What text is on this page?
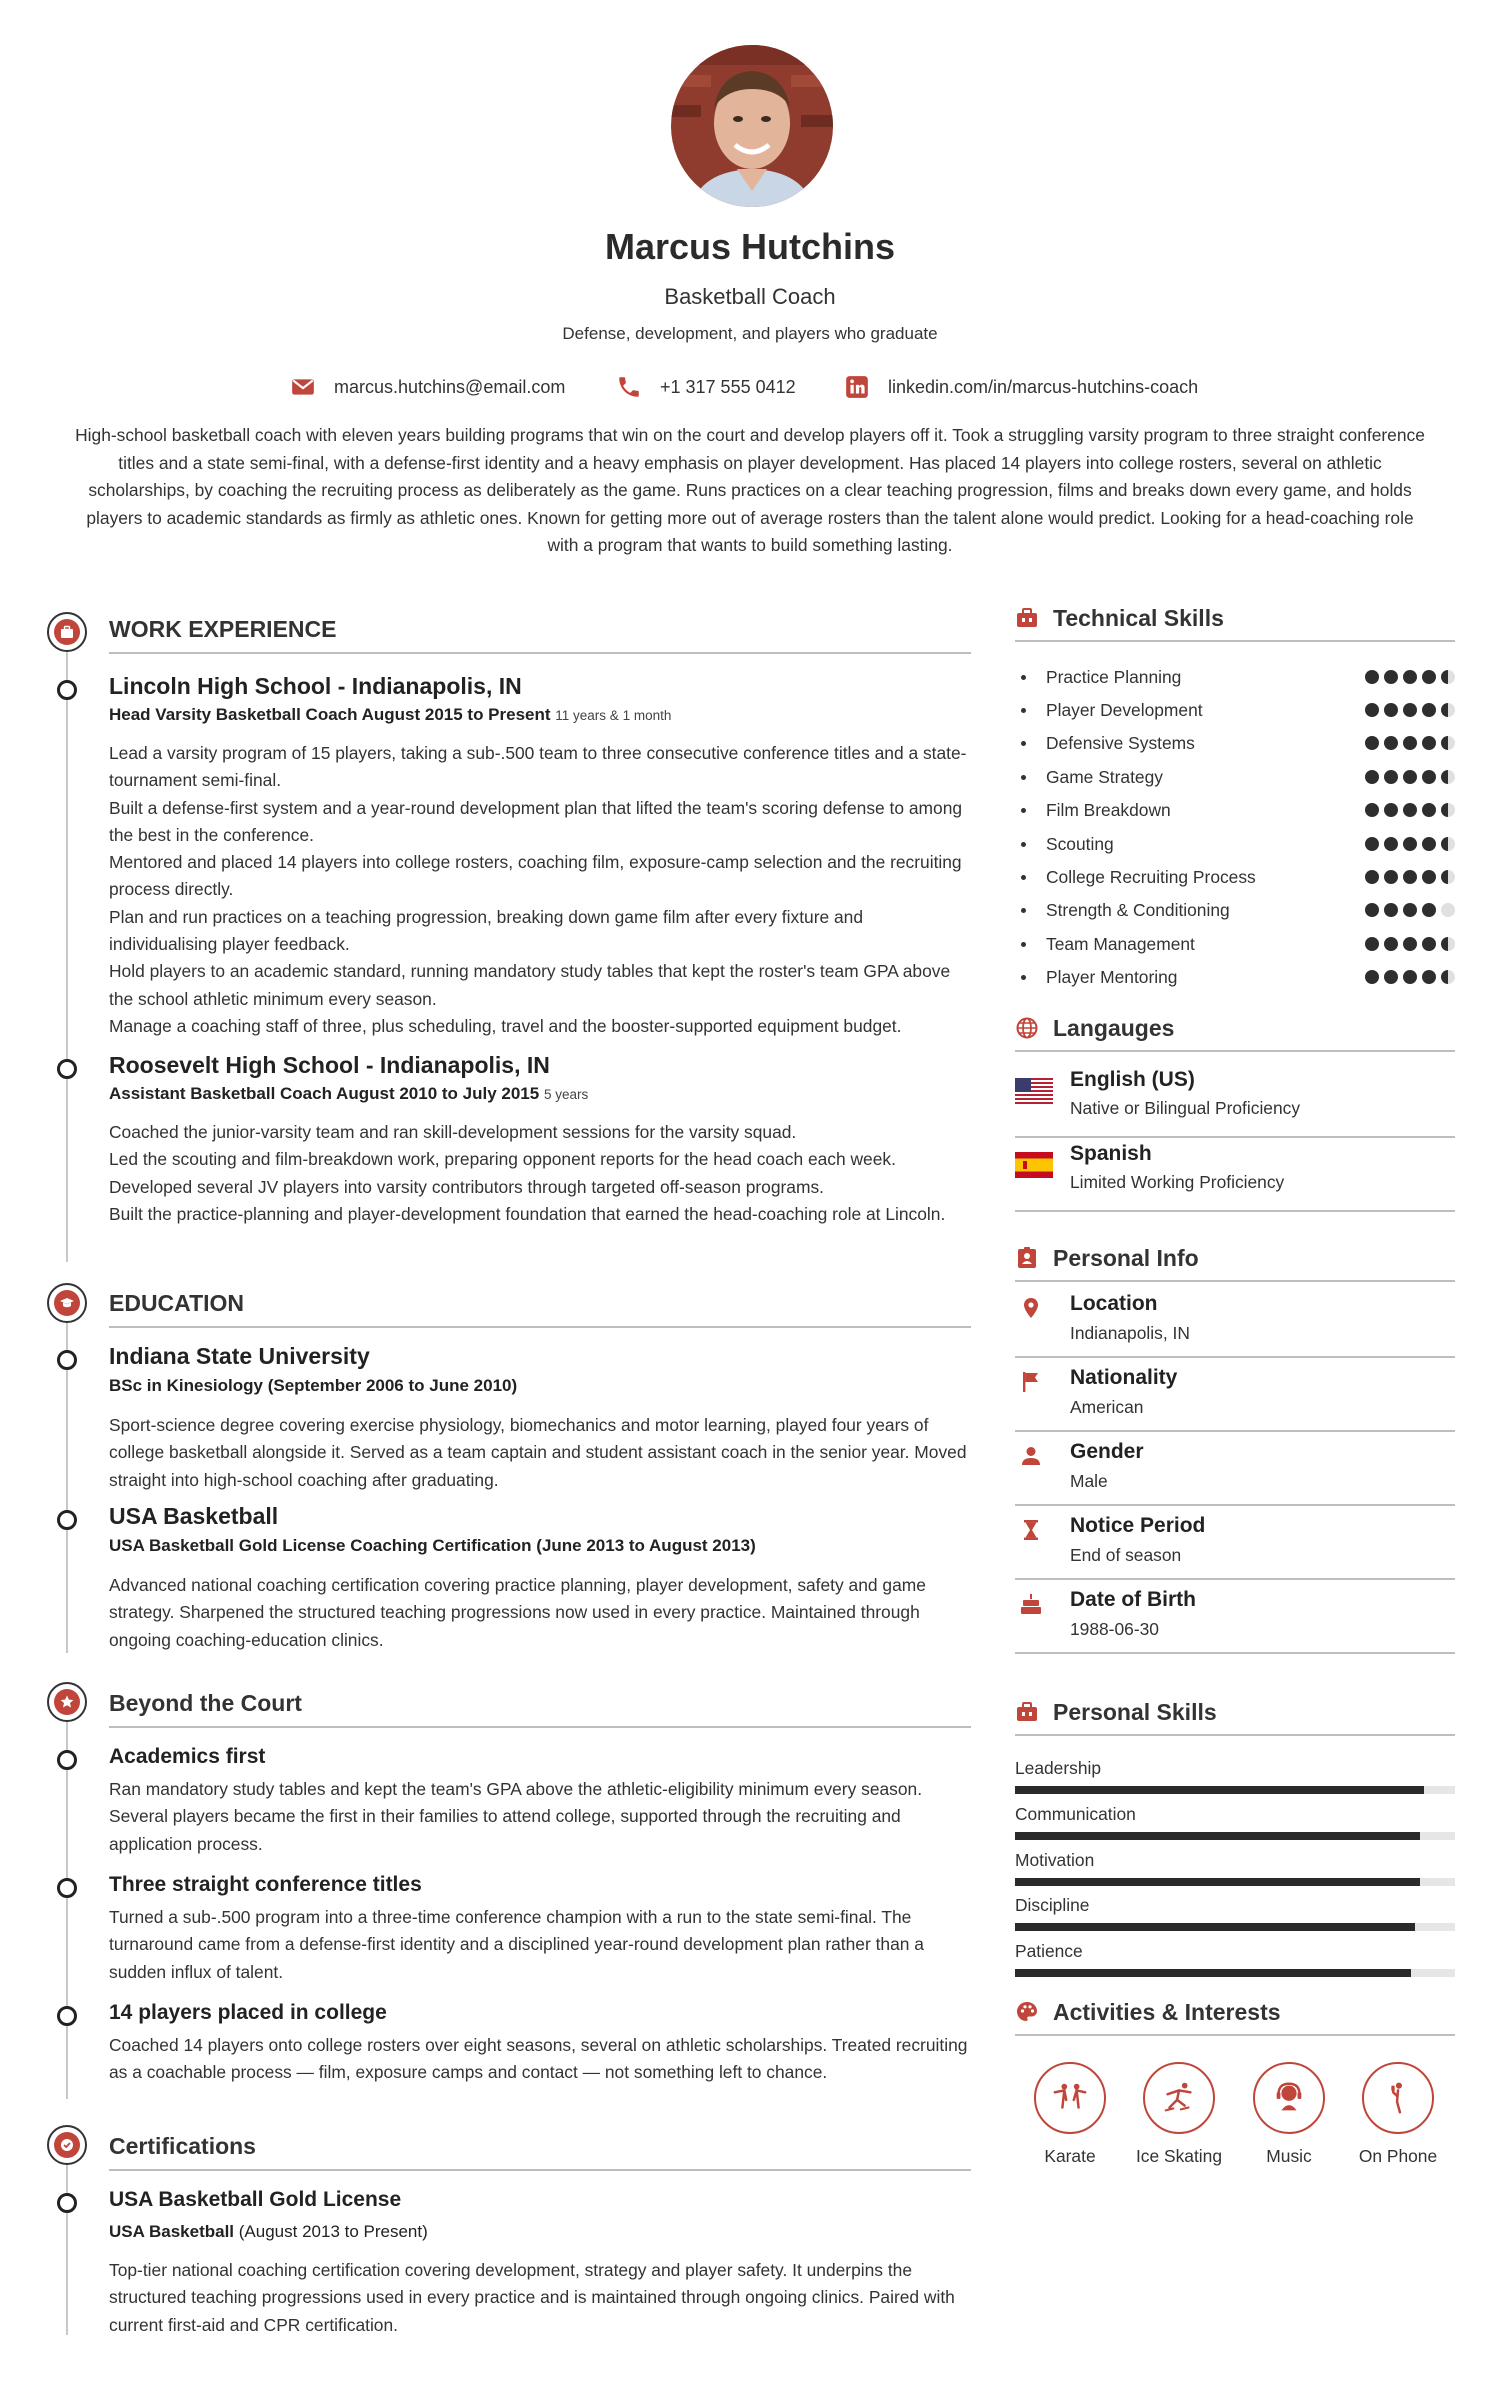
Marcus Hutchins
Basketball Coach
Defense, development, and players who graduate
marcus.hutchins@email.com	+1 317 555 0412	linkedin.com/in/marcus-hutchins-coach
High-school basketball coach with eleven years building programs that win on the court and develop players off it. Took a struggling varsity program to three straight conference titles and a state semi-final, with a defense-first identity and a heavy emphasis on player development. Has placed 14 players into college rosters, several on athletic scholarships, by coaching the recruiting process as deliberately as the game. Runs practices on a clear teaching progression, films and breaks down every game, and holds players to academic standards as firmly as athletic ones. Known for getting more out of average rosters than the talent alone would predict. Looking for a head-coaching role with a program that wants to build something lasting.
WORK EXPERIENCE
Lincoln High School - Indianapolis, IN
Head Varsity Basketball Coach August 2015 to Present 11 years & 1 month
Lead a varsity program of 15 players, taking a sub-.500 team to three consecutive conference titles and a state-tournament semi-final.
Built a defense-first system and a year-round development plan that lifted the team's scoring defense to among the best in the conference.
Mentored and placed 14 players into college rosters, coaching film, exposure-camp selection and the recruiting process directly.
Plan and run practices on a teaching progression, breaking down game film after every fixture and individualising player feedback.
Hold players to an academic standard, running mandatory study tables that kept the roster's team GPA above the school athletic minimum every season.
Manage a coaching staff of three, plus scheduling, travel and the booster-supported equipment budget.
Roosevelt High School - Indianapolis, IN
Assistant Basketball Coach August 2010 to July 2015 5 years
Coached the junior-varsity team and ran skill-development sessions for the varsity squad.
Led the scouting and film-breakdown work, preparing opponent reports for the head coach each week.
Developed several JV players into varsity contributors through targeted off-season programs.
Built the practice-planning and player-development foundation that earned the head-coaching role at Lincoln.
EDUCATION
Indiana State University
BSc in Kinesiology (September 2006 to June 2010)
Sport-science degree covering exercise physiology, biomechanics and motor learning, played four years of college basketball alongside it. Served as a team captain and student assistant coach in the senior year. Moved straight into high-school coaching after graduating.
USA Basketball
USA Basketball Gold License Coaching Certification (June 2013 to August 2013)
Advanced national coaching certification covering practice planning, player development, safety and game strategy. Sharpened the structured teaching progressions now used in every practice. Maintained through ongoing coaching-education clinics.
Beyond the Court
Academics first
Ran mandatory study tables and kept the team's GPA above the athletic-eligibility minimum every season. Several players became the first in their families to attend college, supported through the recruiting and application process.
Three straight conference titles
Turned a sub-.500 program into a three-time conference champion with a run to the state semi-final. The turnaround came from a defense-first identity and a disciplined year-round development plan rather than a sudden influx of talent.
14 players placed in college
Coached 14 players onto college rosters over eight seasons, several on athletic scholarships. Treated recruiting as a coachable process — film, exposure camps and contact — not something left to chance.
Certifications
USA Basketball Gold License
USA Basketball (August 2013 to Present)
Top-tier national coaching certification covering development, strategy and player safety. It underpins the structured teaching progressions used in every practice and is maintained through ongoing clinics. Paired with current first-aid and CPR certification.
Technical Skills
Practice Planning
Player Development
Defensive Systems
Game Strategy
Film Breakdown
Scouting
College Recruiting Process
Strength & Conditioning
Team Management
Player Mentoring
Langauges
English (US)
Native or Bilingual Proficiency
Spanish
Limited Working Proficiency
Personal Info
Location
Indianapolis, IN
Nationality
American
Gender
Male
Notice Period
End of season
Date of Birth
1988-06-30
Personal Skills
Leadership
Communication
Motivation
Discipline
Patience
Activities & Interests
Karate	Ice Skating	Music	On Phone
